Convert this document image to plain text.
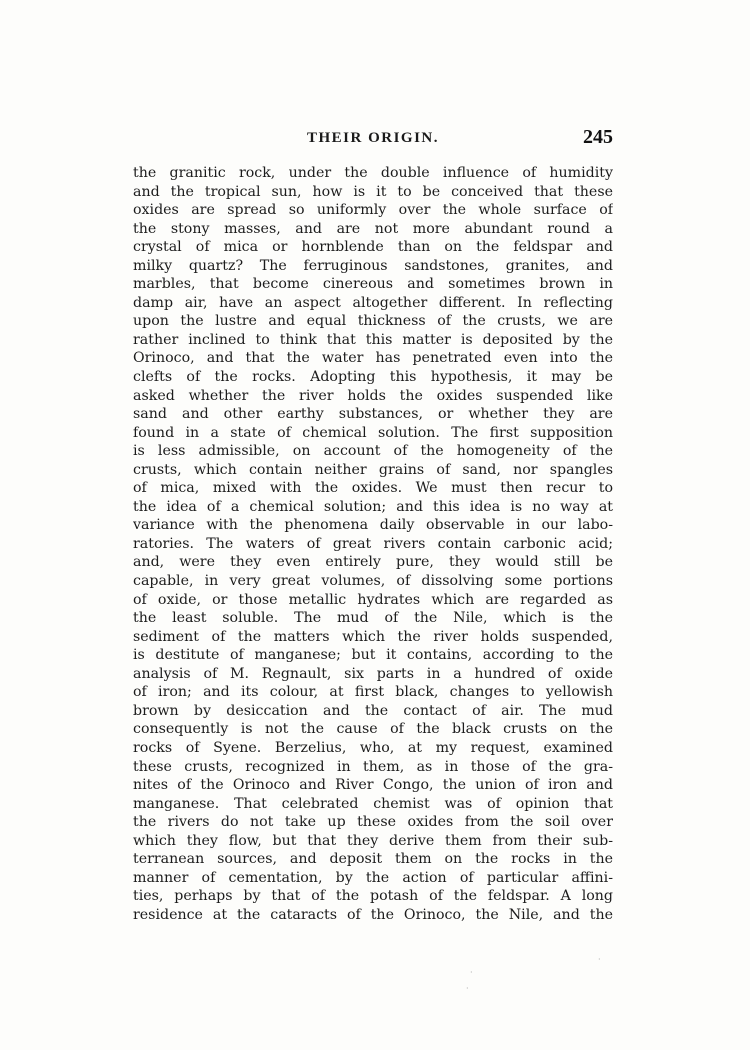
THEIR ORIGIN.	245
the granitic rock, under the double influence of humidity
and the tropical sun, how is it to be conceived that these
oxides are spread so uniformly over the whole surface of
the stony masses, and are not more abundant round a
crystal of mica or hornblende than on the feldspar and
milky quartz? The ferruginous sandstones, granites, and
marbles, that become cinereous and sometimes brown in
damp air, have an aspect altogether different. In reflecting
upon the lustre and equal thickness of the crusts, we are
rather inclined to think that this matter is deposited by the
Orinoco, and that the water has penetrated even into the
clefts of the rocks. Adopting this hypothesis, it may be
asked whether the river holds the oxides suspended like
sand and other earthy substances, or whether they are
found in a state of chemical solution. The first supposition
is less admissible, on account of the homogeneity of the
crusts, which contain neither grains of sand, nor spangles
of mica, mixed with the oxides. We must then recur to
the idea of a chemical solution; and this idea is no way at
variance with the phenomena daily observable in our labo-
ratories. The waters of great rivers contain carbonic acid;
and, were they even entirely pure, they would still be
capable, in very great volumes, of dissolving some portions
of oxide, or those metallic hydrates which are regarded as
the least soluble. The mud of the Nile, which is the
sediment of the matters which the river holds suspended,
is destitute of manganese; but it contains, according to the
analysis of M. Regnault, six parts in a hundred of oxide
of iron; and its colour, at first black, changes to yellowish
brown by desiccation and the contact of air. The mud
consequently is not the cause of the black crusts on the
rocks of Syene. Berzelius, who, at my request, examined
these crusts, recognized in them, as in those of the gra-
nites of the Orinoco and River Congo, the union of iron and
manganese. That celebrated chemist was of opinion that
the rivers do not take up these oxides from the soil over
which they flow, but that they derive them from their sub-
terranean sources, and deposit them on the rocks in the
manner of cementation, by the action of particular affini-
ties, perhaps by that of the potash of the feldspar. A long
residence at the cataracts of the Orinoco, the Nile, and the
·
·
·
